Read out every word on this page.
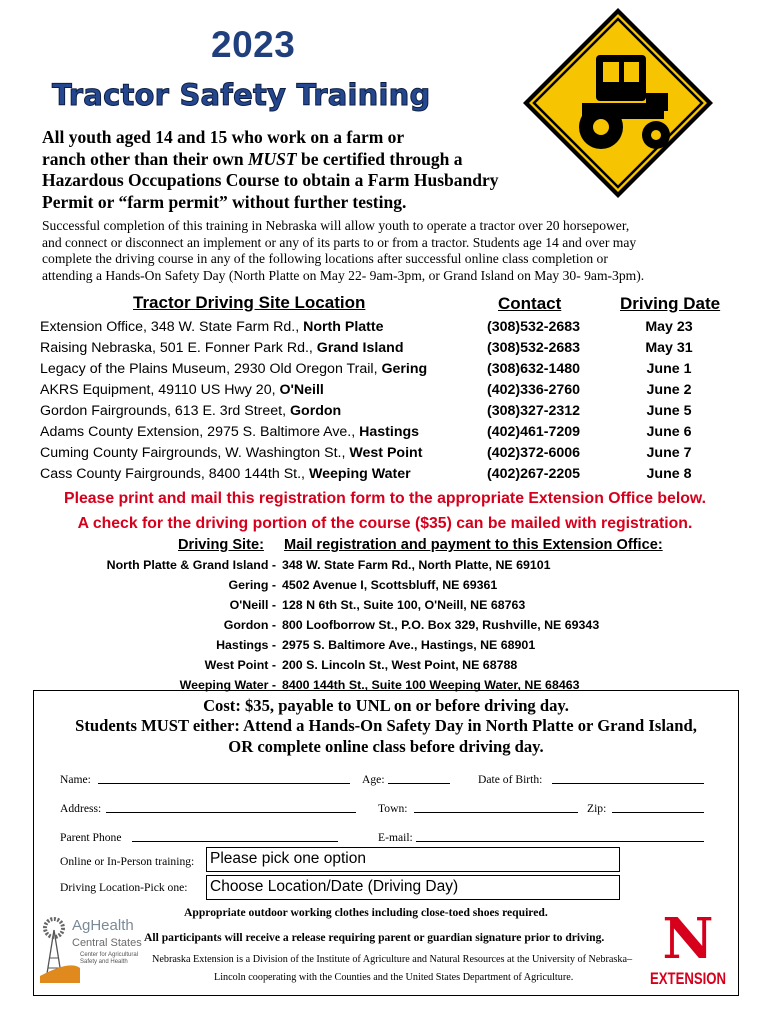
2023
Tractor Safety Training
All youth aged 14 and 15 who work on a farm or
ranch other than their own MUST be certified through a
Hazardous Occupations Course to obtain a Farm Husbandry
Permit or “farm permit” without further testing.
Successful completion of this training in Nebraska will allow youth to operate a tractor over 20 horsepower,
and connect or disconnect an implement or any of its parts to or from a tractor. Students age 14 and over may
complete the driving course in any of the following locations after successful online class completion or
attending a Hands-On Safety Day (North Platte on May 22- 9am-3pm, or Grand Island on May 30- 9am-3pm).
Tractor Driving Site Location	Contact	Driving Date
Extension Office, 348 W. State Farm Rd., North Platte	(308)532-2683	May 23
Raising Nebraska, 501 E. Fonner Park Rd., Grand Island	(308)532-2683	May 31
Legacy of the Plains Museum, 2930 Old Oregon Trail, Gering	(308)632-1480	June 1
AKRS Equipment, 49110 US Hwy 20, O'Neill	(402)336-2760	June 2
Gordon Fairgrounds, 613 E. 3rd Street, Gordon	(308)327-2312	June 5
Adams County Extension, 2975 S. Baltimore Ave., Hastings	(402)461-7209	June 6
Cuming County Fairgrounds, W. Washington St., West Point	(402)372-6006	June 7
Cass County Fairgrounds, 8400 144th St., Weeping Water	(402)267-2205	June 8
Please print and mail this registration form to the appropriate Extension Office below.
A check for the driving portion of the course ($35) can be mailed with registration.
Driving Site: Mail registration and payment to this Extension Office:
North Platte & Grand Island - 348 W. State Farm Rd., North Platte, NE 69101
Gering - 4502 Avenue I, Scottsbluff, NE 69361
O'Neill - 128 N 6th St., Suite 100, O'Neill, NE 68763
Gordon - 800 Loofborrow St., P.O. Box 329, Rushville, NE 69343
Hastings - 2975 S. Baltimore Ave., Hastings, NE 68901
West Point - 200 S. Lincoln St., West Point, NE 68788
Weeping Water - 8400 144th St., Suite 100 Weeping Water, NE 68463
Cost: $35, payable to UNL on or before driving day.
Students MUST either: Attend a Hands-On Safety Day in North Platte or Grand Island,
OR complete online class before driving day.
Name:	Age:	Date of Birth:
Address:	Town:	Zip:
Parent Phone	E-mail:
Online or In-Person training: Please pick one option
Driving Location-Pick one: Choose Location/Date (Driving Day)
Appropriate outdoor working clothes including close-toed shoes required.
All participants will receive a release requiring parent or guardian signature prior to driving.
Nebraska Extension is a Division of the Institute of Agriculture and Natural Resources at the University of Nebraska–
Lincoln cooperating with the Counties and the United States Department of Agriculture.
AgHealth
Central States
Center for Agricultural
Safety and Health	N
EXTENSION
